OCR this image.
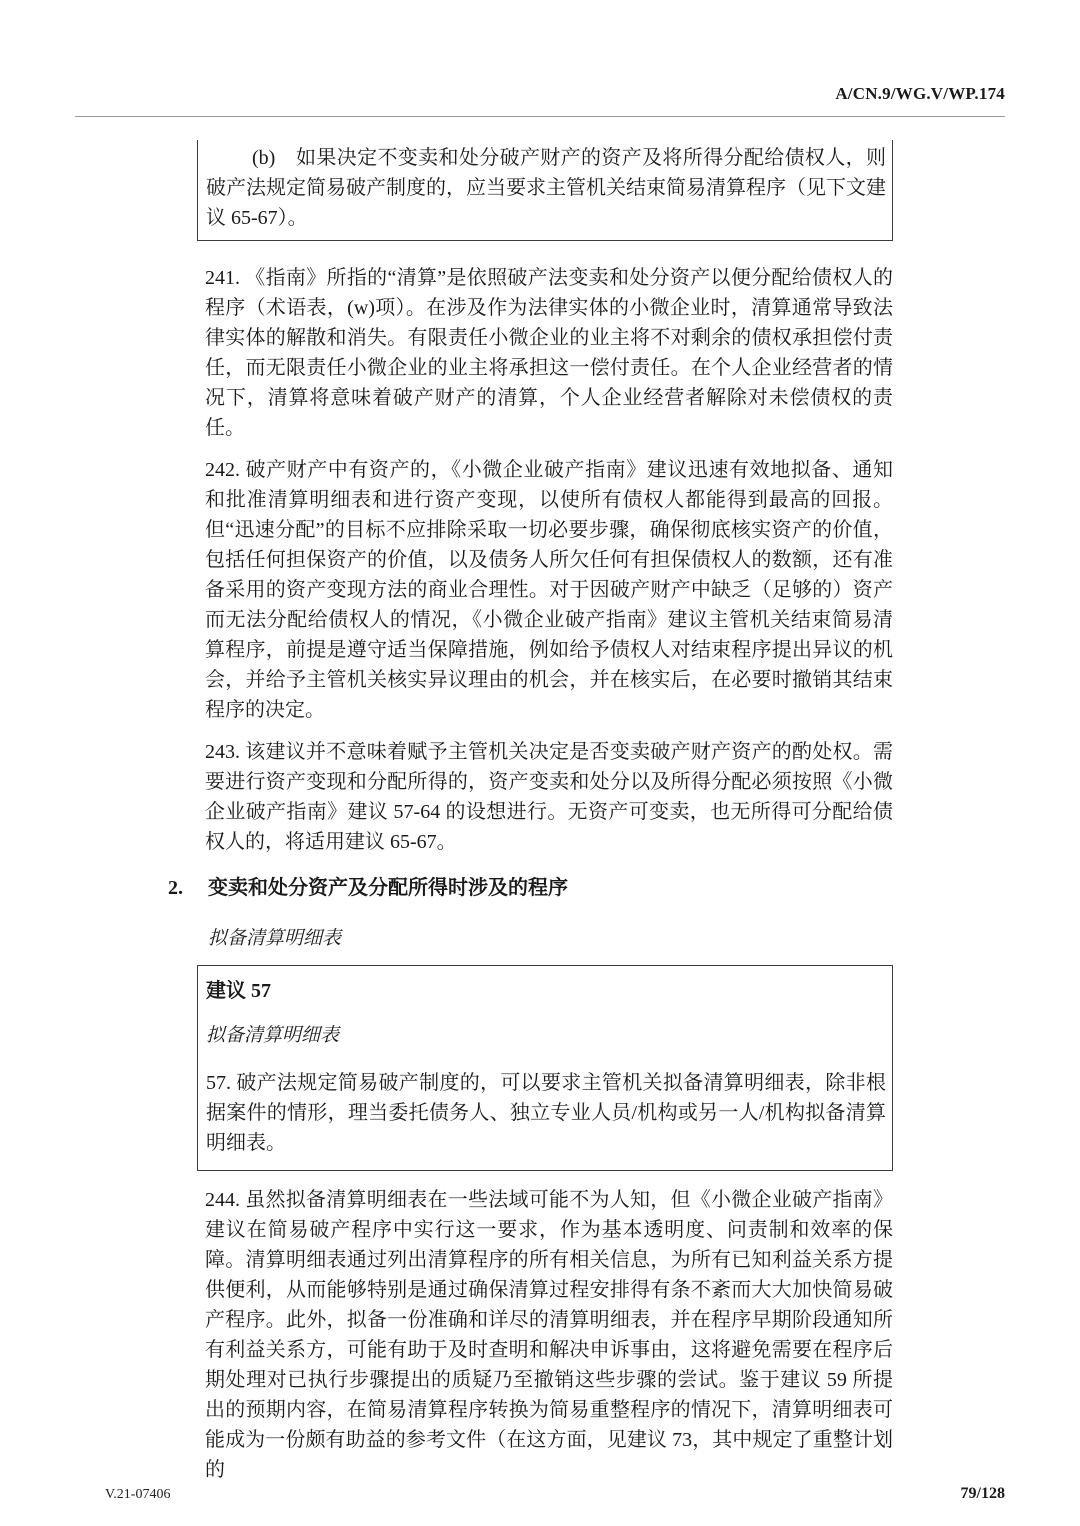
A/CN.9/WG.V/WP.174

(b)　如果决定不变卖和处分破产财产的资产及将所得分配给债权人，则破产法规定简易破产制度的，应当要求主管机关结束简易清算程序（见下文建议 65-67）。

241. 《指南》所指的“清算”是依照破产法变卖和处分资产以便分配给债权人的程序（术语表，(w)项）。在涉及作为法律实体的小微企业时，清算通常导致法律实体的解散和消失。有限责任小微企业的业主将不对剩余的债权承担偿付责任，而无限责任小微企业的业主将承担这一偿付责任。在个人企业经营者的情况下，清算将意味着破产财产的清算，个人企业经营者解除对未偿债权的责任。

242. 破产财产中有资产的，《小微企业破产指南》建议迅速有效地拟备、通知和批准清算明细表和进行资产变现，以使所有债权人都能得到最高的回报。但“迅速分配”的目标不应排除采取一切必要步骤，确保彻底核实资产的价值，包括任何担保资产的价值，以及债务人所欠任何有担保债权人的数额，还有准备采用的资产变现方法的商业合理性。对于因破产财产中缺乏（足够的）资产而无法分配给债权人的情况，《小微企业破产指南》建议主管机关结束简易清算程序，前提是遵守适当保障措施，例如给予债权人对结束程序提出异议的机会，并给予主管机关核实异议理由的机会，并在核实后，在必要时撤销其结束程序的决定。

243. 该建议并不意味着赋予主管机关决定是否变卖破产财产资产的酌处权。需要进行资产变现和分配所得的，资产变卖和处分以及所得分配必须按照《小微企业破产指南》建议 57-64 的设想进行。无资产可变卖，也无所得可分配给债权人的，将适用建议 65-67。

2.	变卖和处分资产及分配所得时涉及的程序

拟备清算明细表

建议 57

拟备清算明细表

57. 破产法规定简易破产制度的，可以要求主管机关拟备清算明细表，除非根据案件的情形，理当委托债务人、独立专业人员/机构或另一人/机构拟备清算明细表。

244. 虽然拟备清算明细表在一些法域可能不为人知，但《小微企业破产指南》建议在简易破产程序中实行这一要求，作为基本透明度、问责制和效率的保障。清算明细表通过列出清算程序的所有相关信息，为所有已知利益关系方提供便利，从而能够特别是通过确保清算过程安排得有条不紊而大大加快简易破产程序。此外，拟备一份准确和详尽的清算明细表，并在程序早期阶段通知所有利益关系方，可能有助于及时查明和解决申诉事由，这将避免需要在程序后期处理对已执行步骤提出的质疑乃至撤销这些步骤的尝试。鉴于建议 59 所提出的预期内容，在简易清算程序转换为简易重整程序的情况下，清算明细表可能成为一份颇有助益的参考文件（在这方面，见建议 73，其中规定了重整计划的

V.21-07406	79/128
